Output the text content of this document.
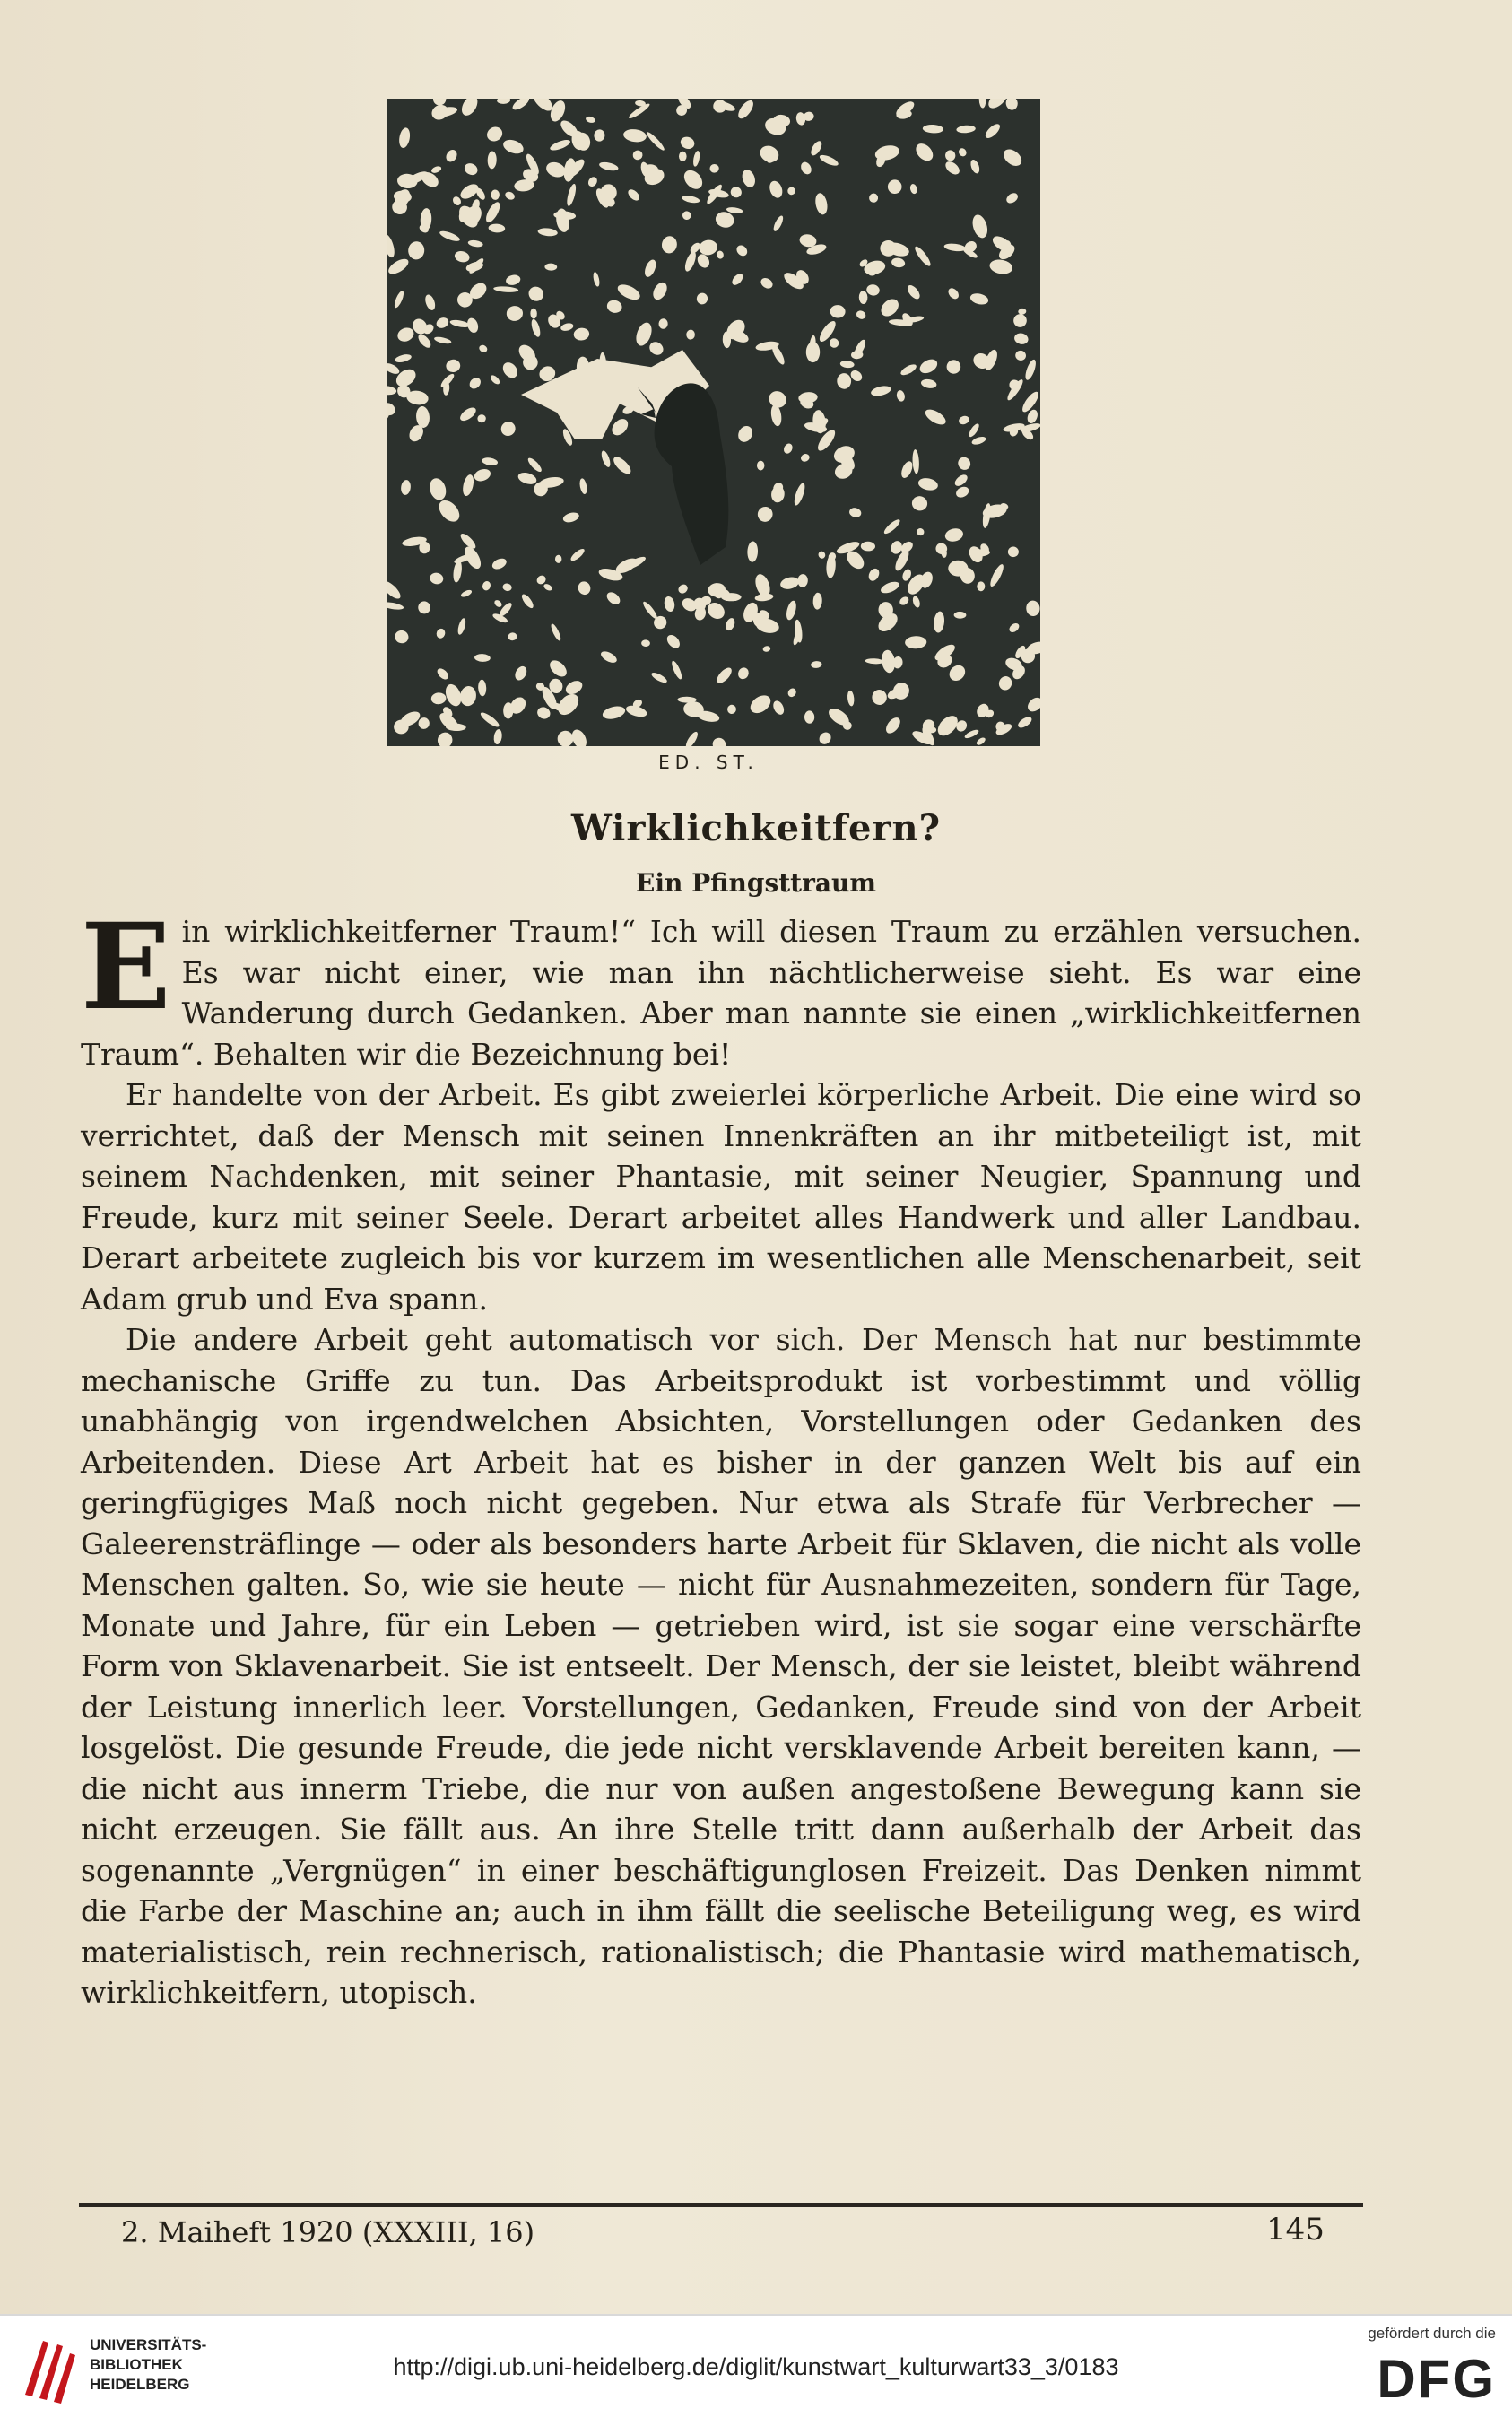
ED. ST.
Wirklichkeitfern?
Ein Pfingsttraum

Ein wirklichkeitferner Traum!“ Ich will diesen Traum zu erzählen versuchen. Es war nicht einer, wie man ihn nächtlicherweise sieht. Es war eine Wanderung durch Gedanken. Aber man nannte sie einen „wirklichkeitfernen Traum“. Behalten wir die Bezeichnung bei!

Er handelte von der Arbeit. Es gibt zweierlei körperliche Arbeit. Die eine wird so verrichtet, daß der Mensch mit seinen Innenkräften an ihr mitbeteiligt ist, mit seinem Nachdenken, mit seiner Phantasie, mit seiner Neugier, Spannung und Freude, kurz mit seiner Seele. Derart arbeitet alles Handwerk und aller Landbau. Derart arbeitete zugleich bis vor kurzem im wesentlichen alle Menschenarbeit, seit Adam grub und Eva spann.

Die andere Arbeit geht automatisch vor sich. Der Mensch hat nur bestimmte mechanische Griffe zu tun. Das Arbeitsprodukt ist vorbestimmt und völlig unabhängig von irgendwelchen Absichten, Vorstellungen oder Gedanken des Arbeitenden. Diese Art Arbeit hat es bisher in der ganzen Welt bis auf ein geringfügiges Maß noch nicht gegeben. Nur etwa als Strafe für Verbrecher — Galeerensträflinge — oder als besonders harte Arbeit für Sklaven, die nicht als volle Menschen galten. So, wie sie heute — nicht für Ausnahmezeiten, sondern für Tage, Monate und Jahre, für ein Leben — getrieben wird, ist sie sogar eine verschärfte Form von Sklavenarbeit. Sie ist entseelt. Der Mensch, der sie leistet, bleibt während der Leistung innerlich leer. Vorstellungen, Gedanken, Freude sind von der Arbeit losgelöst. Die gesunde Freude, die jede nicht versklavende Arbeit bereiten kann, — die nicht aus innerm Triebe, die nur von außen angestoßene Bewegung kann sie nicht erzeugen. Sie fällt aus. An ihre Stelle tritt dann außerhalb der Arbeit das sogenannte „Vergnügen“ in einer beschäftigunglosen Freizeit. Das Denken nimmt die Farbe der Maschine an; auch in ihm fällt die seelische Beteiligung weg, es wird materialistisch, rein rechnerisch, rationalistisch; die Phantasie wird mathematisch, wirklichkeitfern, utopisch.

2. Maiheft 1920 (XXXIII, 16)	145
UNIVERSITÄTS-
BIBLIOTHEK
HEIDELBERG
http://digi.ub.uni-heidelberg.de/diglit/kunstwart_kulturwart33_3/0183
gefördert durch die
DFG
